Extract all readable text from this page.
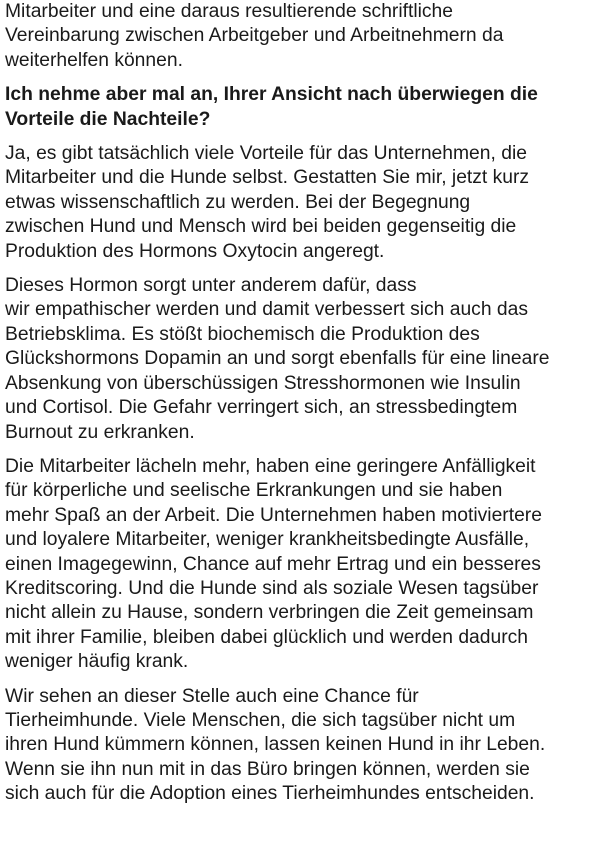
Mitarbeiter und eine daraus resultierende schriftliche
Vereinbarung zwischen Arbeitgeber und Arbeitnehmern da
weiterhelfen können.

Ich nehme aber mal an, Ihrer Ansicht nach überwiegen die
Vorteile die Nachteile?

Ja, es gibt tatsächlich viele Vorteile für das Unternehmen, die
Mitarbeiter und die Hunde selbst. Gestatten Sie mir, jetzt kurz
etwas wissenschaftlich zu werden. Bei der Begegnung
zwischen Hund und Mensch wird bei beiden gegenseitig die
Produktion des Hormons Oxytocin angeregt.

Dieses Hormon sorgt unter anderem dafür, dass
wir empathischer werden und damit verbessert sich auch das
Betriebsklima. Es stößt biochemisch die Produktion des
Glückshormons Dopamin an und sorgt ebenfalls für eine lineare
Absenkung von überschüssigen Stresshormonen wie Insulin
und Cortisol. Die Gefahr verringert sich, an stressbedingtem
Burnout zu erkranken.

Die Mitarbeiter lächeln mehr, haben eine geringere Anfälligkeit
für körperliche und seelische Erkrankungen und sie haben
mehr Spaß an der Arbeit. Die Unternehmen haben motiviertere
und loyalere Mitarbeiter, weniger krankheitsbedingte Ausfälle,
einen Imagegewinn, Chance auf mehr Ertrag und ein besseres
Kreditscoring. Und die Hunde sind als soziale Wesen tagsüber
nicht allein zu Hause, sondern verbringen die Zeit gemeinsam
mit ihrer Familie, bleiben dabei glücklich und werden dadurch
weniger häufig krank.

Wir sehen an dieser Stelle auch eine Chance für
Tierheimhunde. Viele Menschen, die sich tagsüber nicht um
ihren Hund kümmern können, lassen keinen Hund in ihr Leben.
Wenn sie ihn nun mit in das Büro bringen können, werden sie
sich auch für die Adoption eines Tierheimhundes entscheiden.
